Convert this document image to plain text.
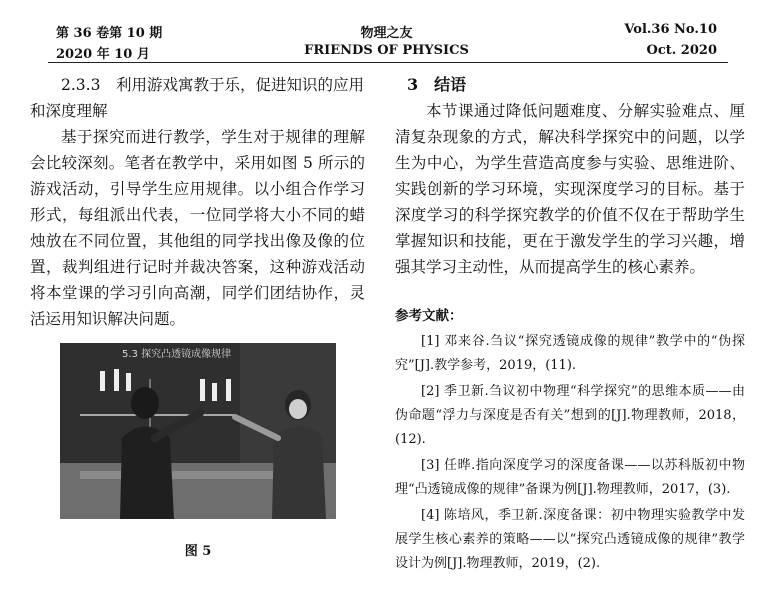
第 36 卷第 10 期
2020 年 10 月
物理之友
FRIENDS OF PHYSICS
Vol.36 No.10
Oct. 2020

2.3.3　利用游戏寓教于乐，促进知识的应用和深度理解

基于探究而进行教学，学生对于规律的理解会比较深刻。笔者在教学中，采用如图 5 所示的游戏活动，引导学生应用规律。以小组合作学习形式，每组派出代表，一位同学将大小不同的蜡烛放在不同位置，其他组的同学找出像及像的位置，裁判组进行记时并裁决答案，这种游戏活动将本堂课的学习引向高潮，同学们团结协作，灵活运用知识解决问题。

5.3 探究凸透镜成像规律
图 5

3　 结语

本节课通过降低问题难度、分解实验难点、厘清复杂现象的方式，解决科学探究中的问题，以学生为中心，为学生营造高度参与实验、思维进阶、实践创新的学习环境，实现深度学习的目标。基于深度学习的科学探究教学的价值不仅在于帮助学生掌握知识和技能，更在于激发学生的学习兴趣，增强其学习主动性，从而提高学生的核心素养。

参考文献：

[1] 邓来谷.刍议“探究透镜成像的规律”教学中的“伪探究”[J].教学参考，2019，(11).

[2] 季卫新.刍议初中物理“科学探究”的思维本质——由伪命题“浮力与深度是否有关”想到的[J].物理教师，2018，(12).

[3] 任晔.指向深度学习的深度备课——以苏科版初中物理“凸透镜成像的规律”备课为例[J].物理教师，2017，(3).

[4] 陈培风，季卫新.深度备课：初中物理实验教学中发展学生核心素养的策略——以“探究凸透镜成像的规律”教学设计为例[J].物理教师，2019，(2).
